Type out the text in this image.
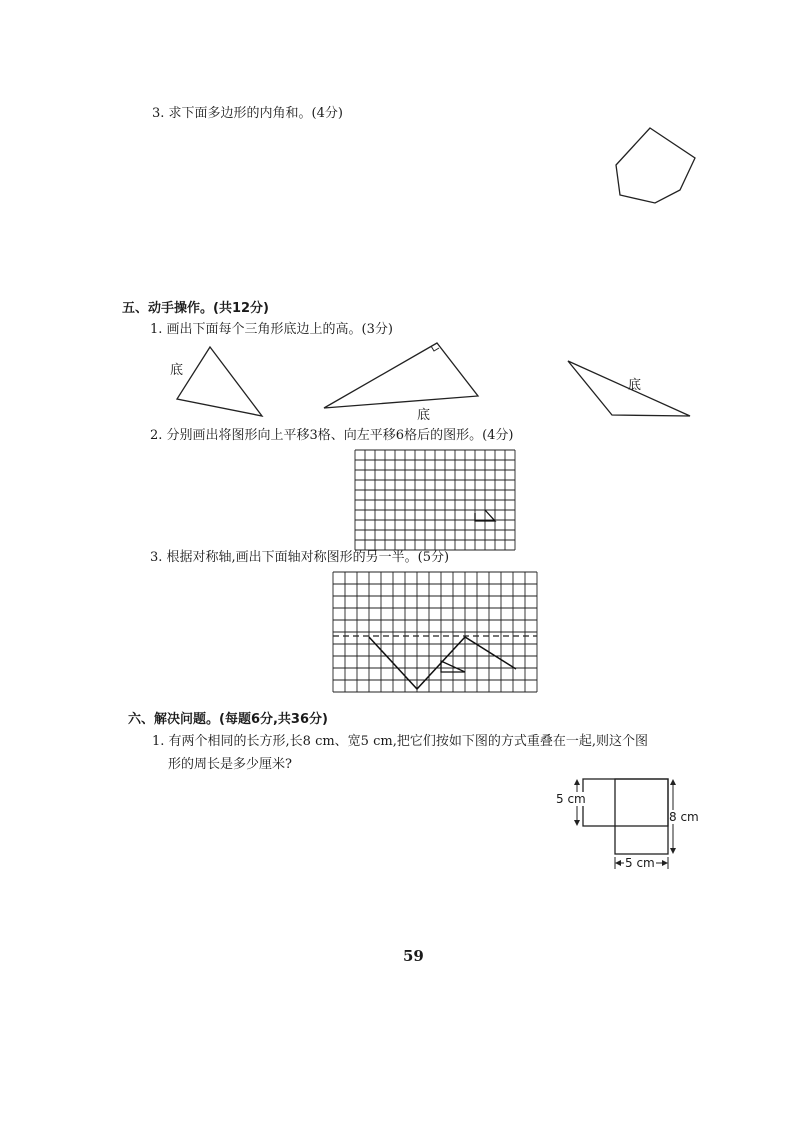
3. 求下面多边形的内角和。(4分)
五、动手操作。(共12分)
1. 画出下面每个三角形底边上的高。(3分)
底
底
底
2. 分别画出将图形向上平移3格、向左平移6格后的图形。(4分)
3. 根据对称轴,画出下面轴对称图形的另一半。(5分)
六、解决问题。(每题6分,共36分)
1. 有两个相同的长方形,长8 cm、宽5 cm,把它们按如下图的方式重叠在一起,则这个图
形的周长是多少厘米?
5 cm
8 cm
5 cm
59
